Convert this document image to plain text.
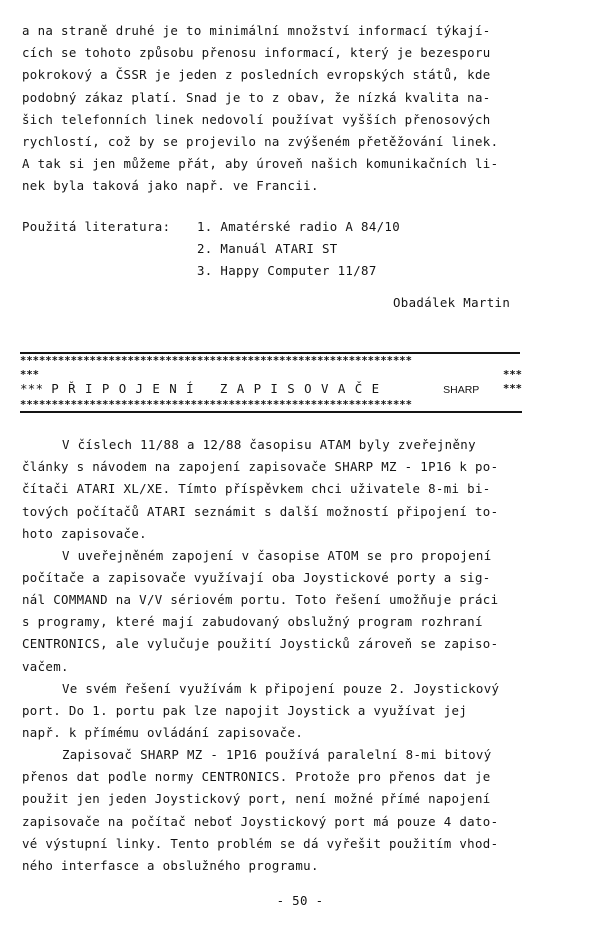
a na straně druhé je to minimální množství informací týkají-
cích se tohoto způsobu přenosu informací, který je bezesporu
pokrokový a ČSSR je jeden z posledních evropských států, kde
podobný zákaz platí. Snad je to z obav, že nízká kvalita na-
šich telefonních linek nedovolí používat vyšších přenosových
rychlostí, což by se projevilo na zvýšeném přetěžování linek.
A tak si jen můžeme přát, aby úroveň našich komunikačních li-
nek byla taková jako např. ve Francii.
Použitá literatura: 1. Amatérské radio A 84/10
2. Manuál ATARI ST
3. Happy Computer 11/87
Obadálek Martin
**************************************************************
***	***
*** PŘIPOJENÍ ZAPISOVAČE	SHARP ***
**************************************************************
V číslech 11/88 a 12/88 časopisu ATAM byly zveřejněny
články s návodem na zapojení zapisovače SHARP MZ - 1P16 k po-
čítači ATARI XL/XE. Tímto příspěvkem chci uživatele 8-mi bi-
tových počítačů ATARI seznámit s další možností připojení to-
hoto zapisovače.
V uveřejněném zapojení v časopise ATOM se pro propojení
počítače a zapisovače využívají oba Joystickové porty a sig-
nál COMMAND na V/V sériovém portu. Toto řešení umožňuje práci
s programy, které mají zabudovaný obslužný program rozhraní
CENTRONICS, ale vylučuje použití Joysticků zároveň se zapiso-
vačem.
Ve svém řešení využívám k připojení pouze 2. Joystickový
port. Do 1. portu pak lze napojit Joystick a využívat jej
např. k přímému ovládání zapisovače.
Zapisovač SHARP MZ - 1P16 používá paralelní 8-mi bitový
přenos dat podle normy CENTRONICS. Protože pro přenos dat je
použit jen jeden Joystickový port, není možné přímé napojení
zapisovače na počítač neboť Joystickový port má pouze 4 dato-
vé výstupní linky. Tento problém se dá vyřešit použitím vhod-
ného interfasce a obslužného programu.
- 50 -
